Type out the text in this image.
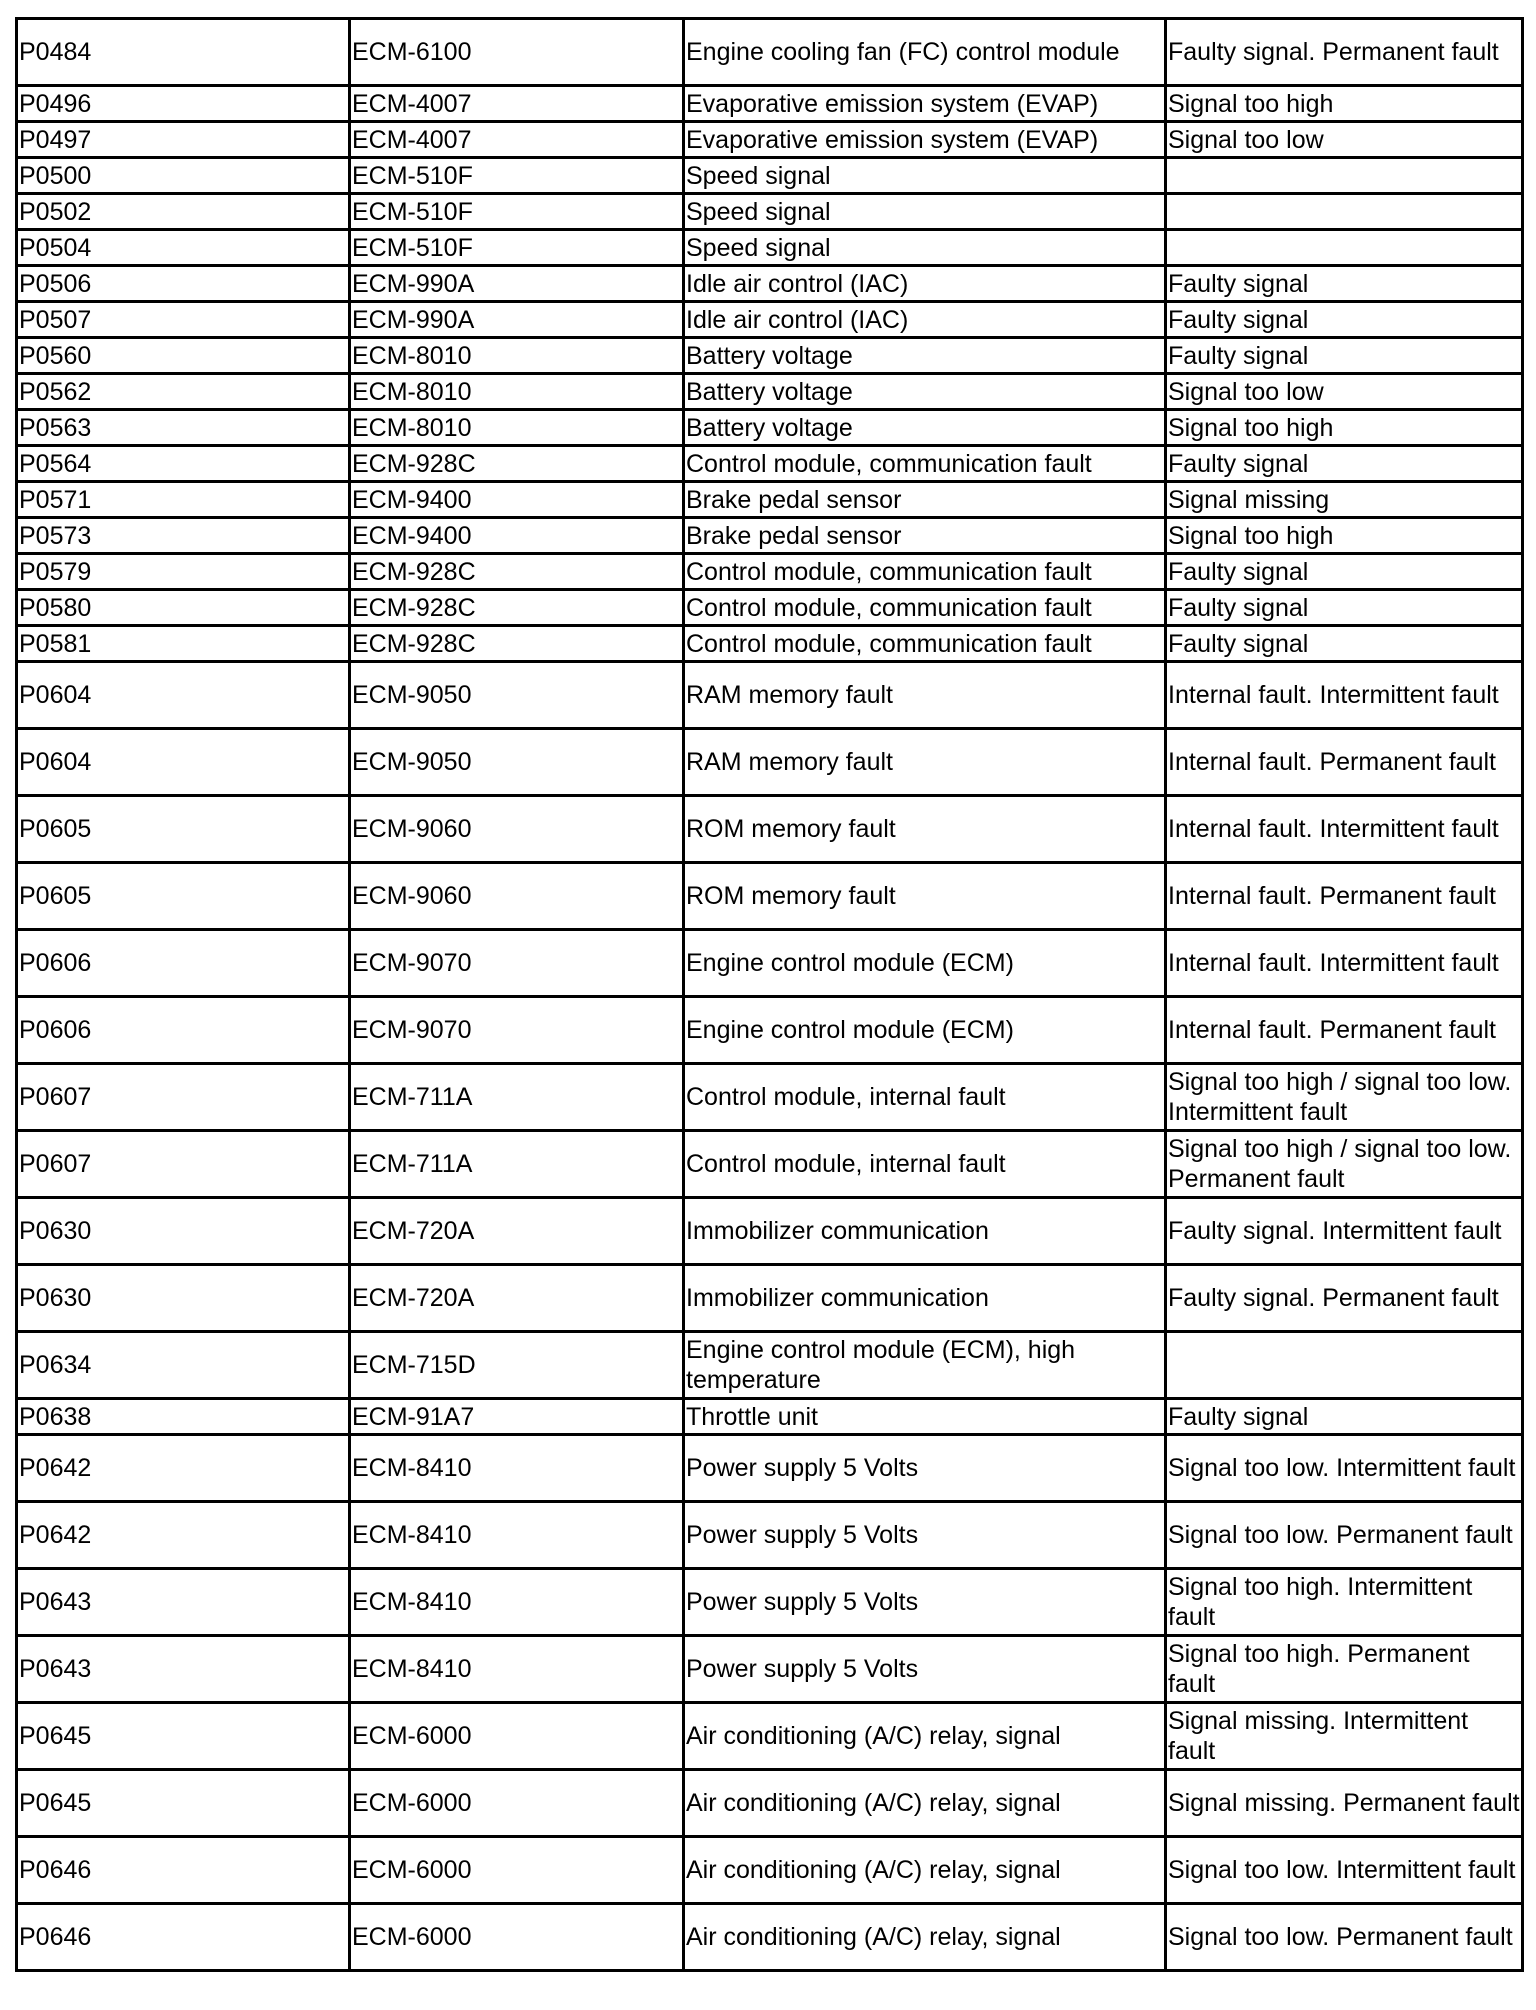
P0484	ECM-6100	Engine cooling fan (FC) control module	Faulty signal. Permanent fault
P0496	ECM-4007	Evaporative emission system (EVAP)	Signal too high
P0497	ECM-4007	Evaporative emission system (EVAP)	Signal too low
P0500	ECM-510F	Speed signal	
P0502	ECM-510F	Speed signal	
P0504	ECM-510F	Speed signal	
P0506	ECM-990A	Idle air control (IAC)	Faulty signal
P0507	ECM-990A	Idle air control (IAC)	Faulty signal
P0560	ECM-8010	Battery voltage	Faulty signal
P0562	ECM-8010	Battery voltage	Signal too low
P0563	ECM-8010	Battery voltage	Signal too high
P0564	ECM-928C	Control module, communication fault	Faulty signal
P0571	ECM-9400	Brake pedal sensor	Signal missing
P0573	ECM-9400	Brake pedal sensor	Signal too high
P0579	ECM-928C	Control module, communication fault	Faulty signal
P0580	ECM-928C	Control module, communication fault	Faulty signal
P0581	ECM-928C	Control module, communication fault	Faulty signal
P0604	ECM-9050	RAM memory fault	Internal fault. Intermittent fault
P0604	ECM-9050	RAM memory fault	Internal fault. Permanent fault
P0605	ECM-9060	ROM memory fault	Internal fault. Intermittent fault
P0605	ECM-9060	ROM memory fault	Internal fault. Permanent fault
P0606	ECM-9070	Engine control module (ECM)	Internal fault. Intermittent fault
P0606	ECM-9070	Engine control module (ECM)	Internal fault. Permanent fault
P0607	ECM-711A	Control module, internal fault	Signal too high / signal too low. Intermittent fault
P0607	ECM-711A	Control module, internal fault	Signal too high / signal too low. Permanent fault
P0630	ECM-720A	Immobilizer communication	Faulty signal. Intermittent fault
P0630	ECM-720A	Immobilizer communication	Faulty signal. Permanent fault
P0634	ECM-715D	Engine control module (ECM), high temperature	
P0638	ECM-91A7	Throttle unit	Faulty signal
P0642	ECM-8410	Power supply 5 Volts	Signal too low. Intermittent fault
P0642	ECM-8410	Power supply 5 Volts	Signal too low. Permanent fault
P0643	ECM-8410	Power supply 5 Volts	Signal too high. Intermittent fault
P0643	ECM-8410	Power supply 5 Volts	Signal too high. Permanent fault
P0645	ECM-6000	Air conditioning (A/C) relay, signal	Signal missing. Intermittent fault
P0645	ECM-6000	Air conditioning (A/C) relay, signal	Signal missing. Permanent fault
P0646	ECM-6000	Air conditioning (A/C) relay, signal	Signal too low. Intermittent fault
P0646	ECM-6000	Air conditioning (A/C) relay, signal	Signal too low. Permanent fault
